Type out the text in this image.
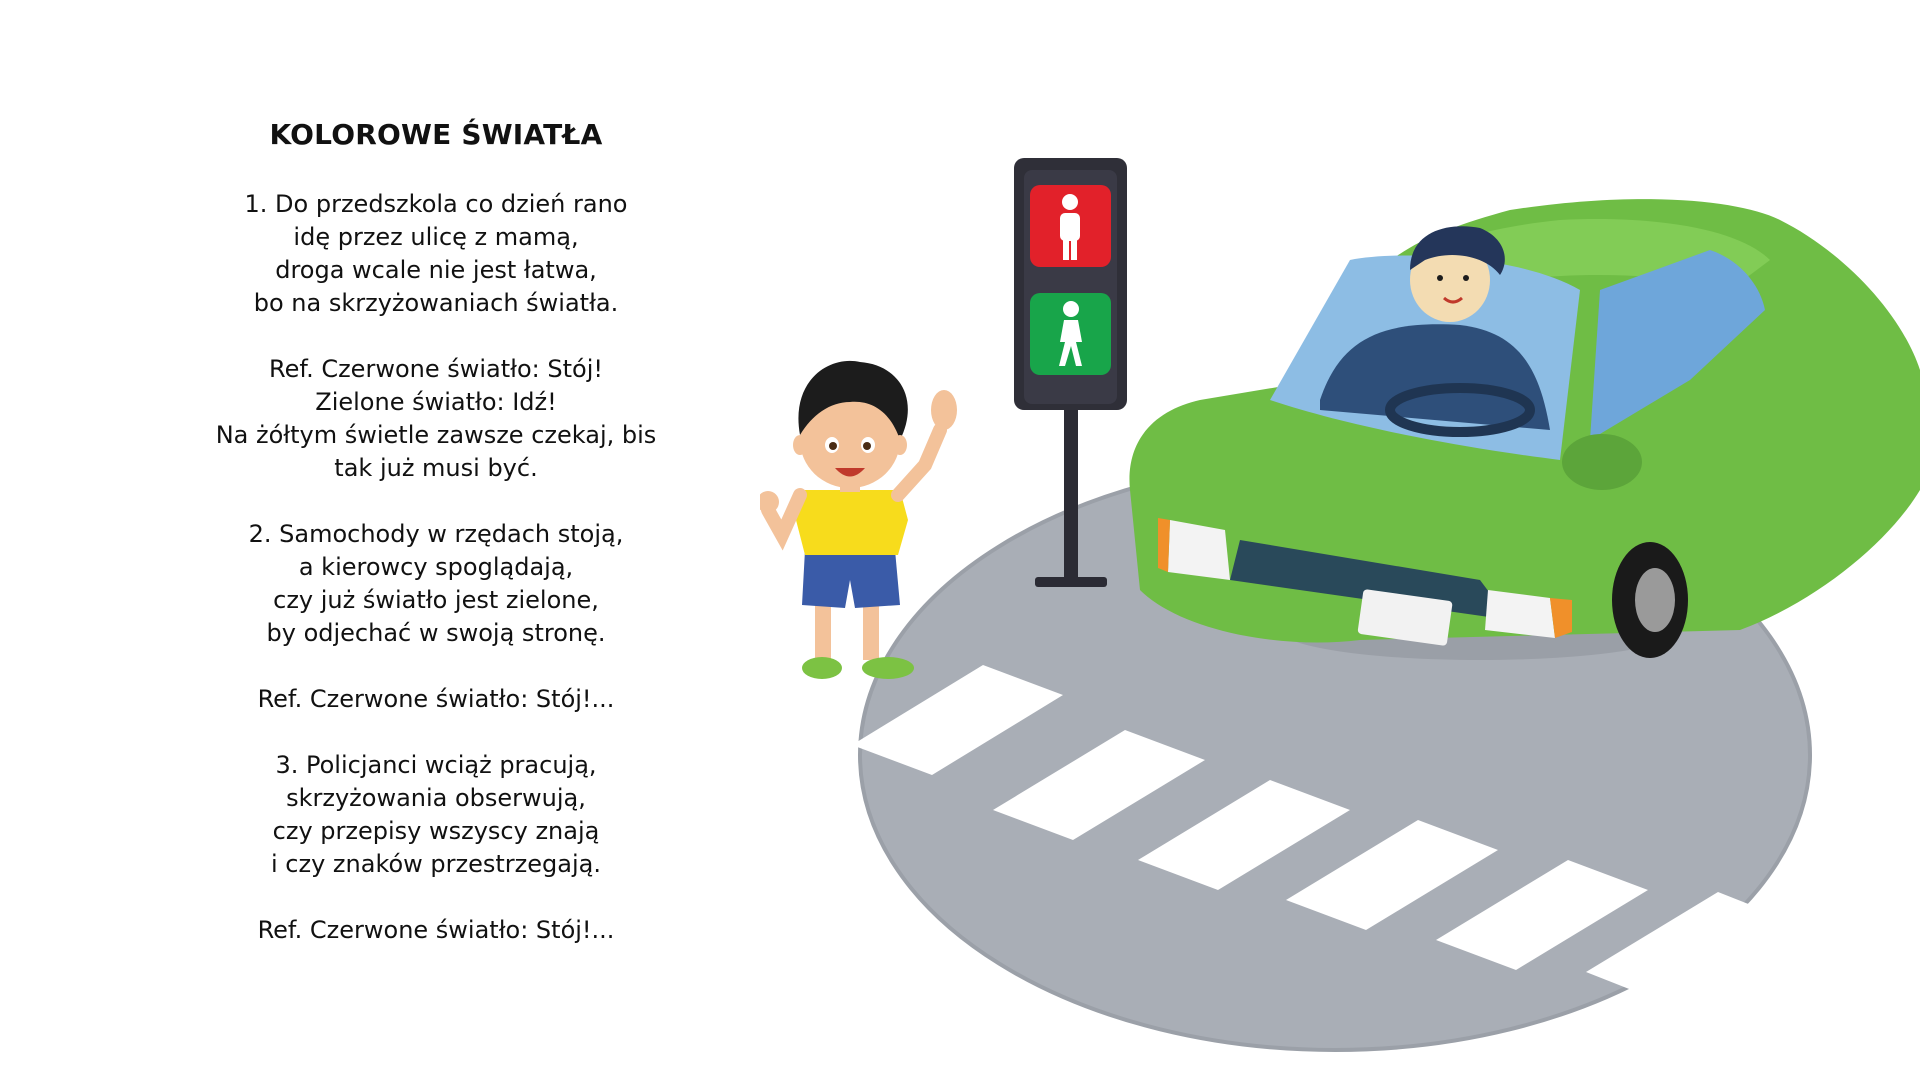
KOLOROWE ŚWIATŁA
1. Do przedszkola co dzień rano
idę przez ulicę z mamą,
droga wcale nie jest łatwa,
bo na skrzyżowaniach światła.
Ref. Czerwone światło: Stój!
Zielone światło: Idź!
Na żółtym świetle zawsze czekaj, bis
tak już musi być.
2. Samochody w rzędach stoją,
a kierowcy spoglądają,
czy już światło jest zielone,
by odjechać w swoją stronę.
Ref. Czerwone światło: Stój!...
3. Policjanci wciąż pracują,
skrzyżowania obserwują,
czy przepisy wszyscy znają
i czy znaków przestrzegają.
Ref. Czerwone światło: Stój!...
